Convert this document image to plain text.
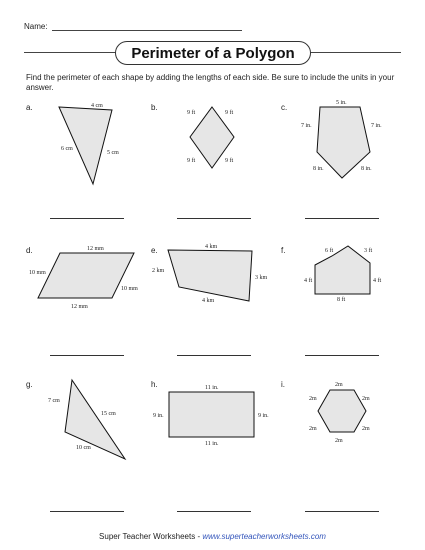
Name:
Perimeter of a Polygon
Find the perimeter of each shape by adding the lengths of each side. Be sure to include the units in your answer.
a.	b.	c.
d.	e.	f.
g.	h.	i.
4 cm
6 cm
5 cm
9 ft	9 ft
9 ft	9 ft
5 in.
7 in.	7 in.
8 in.	8 in.
12 mm
10 mm
10 mm
12 mm
4 km
2 km
3 km
4 km
6 ft	3 ft
4 ft	4 ft
8 ft
7 cm
15 cm
10 cm
11 in.
9 in.	9 in.
11 in.
2m
2m	2m
2m	2m
2m
Super Teacher Worksheets - www.superteacherworksheets.com
